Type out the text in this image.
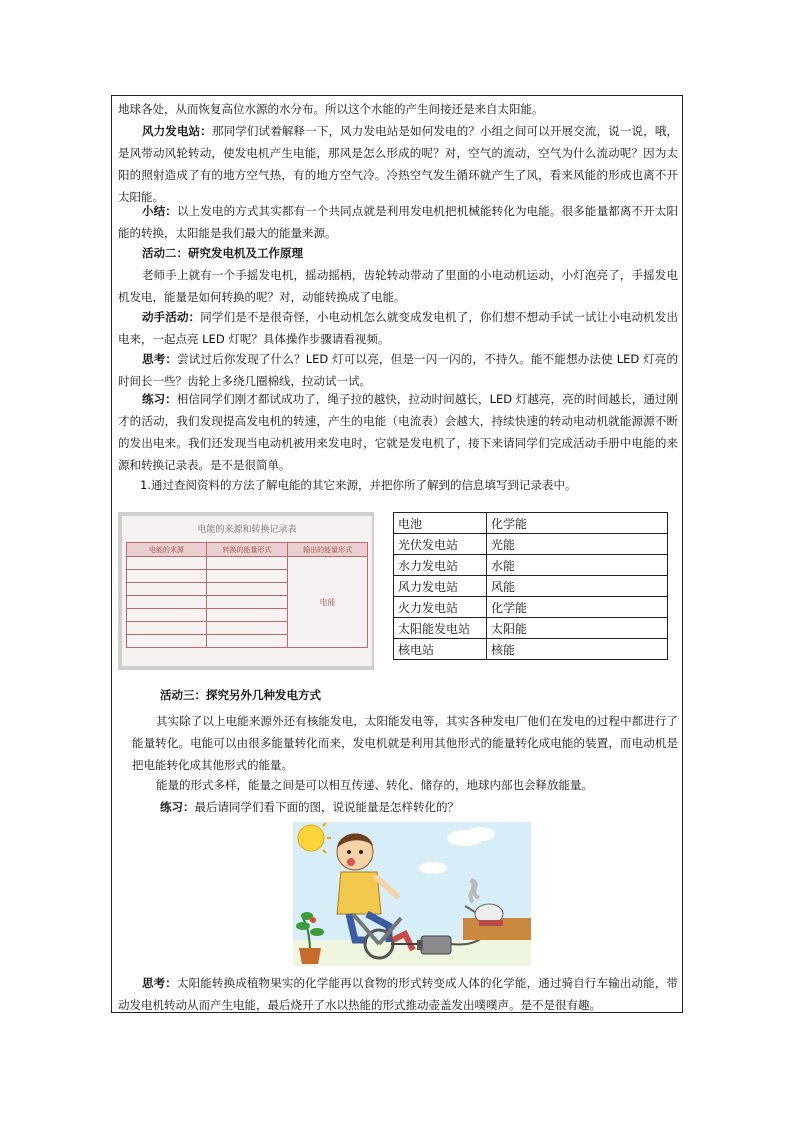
地球各处，从而恢复高位水源的水分布。所以这个水能的产生间接还是来自太阳能。

风力发电站：那同学们试着解释一下，风力发电站是如何发电的？小组之间可以开展交流，说一说，哦，是风带动风轮转动，使发电机产生电能，那风是怎么形成的呢？对，空气的流动，空气为什么流动呢？因为太阳的照射造成了有的地方空气热，有的地方空气冷。冷热空气发生循环就产生了风，看来风能的形成也离不开太阳能。

小结：以上发电的方式其实都有一个共同点就是利用发电机把机械能转化为电能。很多能量都离不开太阳能的转换，太阳能是我们最大的能量来源。

活动二：研究发电机及工作原理

老师手上就有一个手摇发电机，摇动摇柄，齿轮转动带动了里面的小电动机运动，小灯泡亮了，手摇发电机发电，能量是如何转换的呢？对，动能转换成了电能。

动手活动：同学们是不是很奇怪，小电动机怎么就变成发电机了，你们想不想动手试一试让小电动机发出电来，一起点亮 LED 灯呢？具体操作步骤请看视频。

思考：尝试过后你发现了什么？LED 灯可以亮，但是一闪一闪的，不持久。能不能想办法使 LED 灯亮的时间长一些？齿轮上多绕几圈棉线，拉动试一试。

练习：相信同学们刚才都试成功了，绳子拉的越快，拉动时间越长，LED 灯越亮，亮的时间越长，通过刚才的活动，我们发现提高发电机的转速，产生的电能（电流表）会越大，持续快速的转动电动机就能源源不断的发出电来。我们还发现当电动机被用来发电时，它就是发电机了，接下来请同学们完成活动手册中电能的来源和转换记录表。是不是很简单。

1.通过查阅资料的方法了解电能的其它来源，并把你所了解到的信息填写到记录表中。

电能的来源和转换记录表
电能的来源	转换的能量形式	输出的能量形式
		电能

电池	化学能
光伏发电站	光能
水力发电站	水能
风力发电站	风能
火力发电站	化学能
太阳能发电站	太阳能
核电站	核能

活动三：探究另外几种发电方式

其实除了以上电能来源外还有核能发电，太阳能发电等，其实各种发电厂他们在发电的过程中都进行了能量转化。电能可以由很多能量转化而来，发电机就是利用其他形式的能量转化成电能的装置，而电动机是把电能转化成其他形式的能量。

能量的形式多样，能量之间是可以相互传递、转化、储存的，地球内部也会释放能量。

练习：最后请同学们看下面的图，说说能量是怎样转化的？

思考：太阳能转换成植物果实的化学能再以食物的形式转变成人体的化学能，通过骑自行车输出动能，带动发电机转动从而产生电能，最后烧开了水以热能的形式推动壶盖发出噗噗声。是不是很有趣。
